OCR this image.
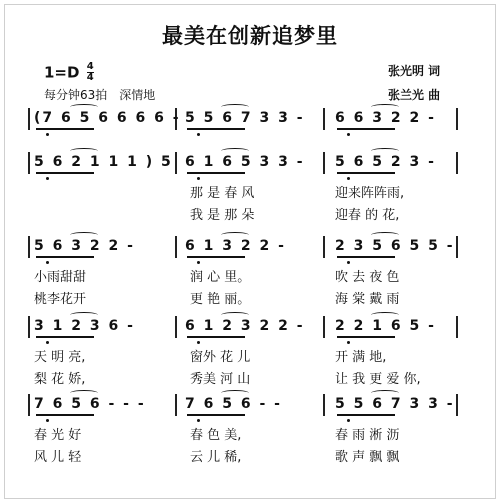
最美在创新追梦里
$1=D \frac{4}{4}$
每分钟63拍　深情地
张光明 词
张兰光 曲
(7 6 5 6 6 6 6 - 5 5 6 7 3 3 - 6 6 3 2 2 -
5 6 2 1 1 1 ) 5 6 1 6 5 3 3 - 5 6 5 2 3 -
那 是 春 风
我 是 那 朵
迎来阵阵雨,
迎春 的 花,
5 6 3 2 2 -	6 1 3 2 2 -	2 3 5 6 5 5 -
小雨甜甜
桃李花开
润 心 里。
更 艳 丽。
吹 去 夜 色
海 棠 戴 雨
3 1 2 3 6 -	6 1 2 3 2 2 - 2 2 1 6 5 -
天 明 亮,
梨 花 娇,
窗外 花 儿
秀美 河 山
开 满 地,
让 我 更 爱 你,
7 6 5 6 - - -	7 6 5 6 - -	5 5 6 7 3 3 -
春 光 好
风 儿 轻
春 色 美,
云 儿 稀,
春 雨 淅 沥
歌 声 飘 飘
